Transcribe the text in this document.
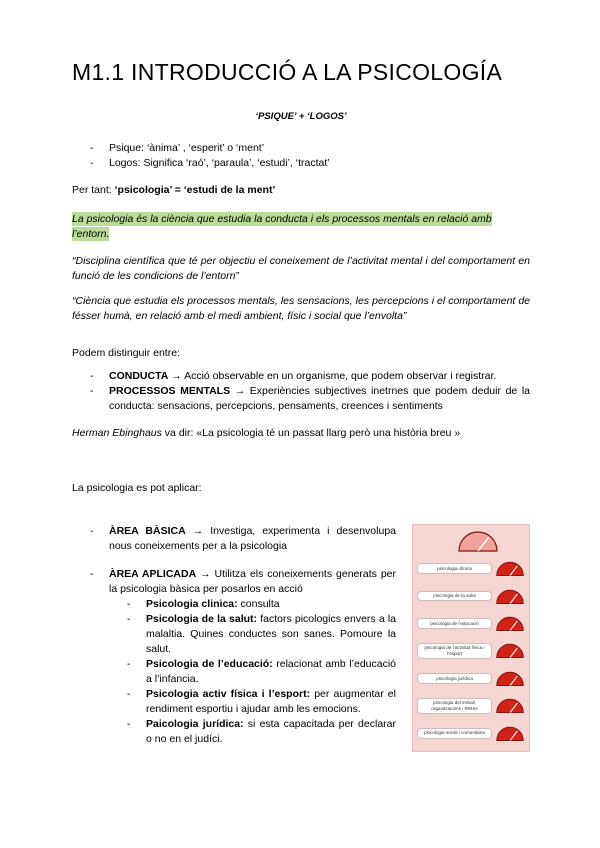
M1.1 INTRODUCCIÓ A LA PSICOLOGÍA

‘PSIQUE’ + ‘LOGOS’

- Psique: ‘ànima’ , ‘esperit’ o ‘ment’
- Logos: Significa ‘raó’, ‘paraula’, ‘estudi’, ‘tractat’

Per tant: ‘psicologia’ = ‘estudi de la ment’

La psicologia és la ciència que estudia la conducta i els processos mentals en relació amb l’entorn.

“Disciplina científica que té per objectiu el coneixement de l’activitat mental i del comportament en funció de les condicions de l’entorn”

“Ciència que estudia els processos mentals, les sensacions, les percepcions i el comportament de fésser humà, en relació amb el medi ambient, físic i social que l’envolta”

Podem distinguir entre:

- CONDUCTA → Acció observable en un organisme, que podem observar i registrar.
- PROCESSOS MENTALS → Experiències subjectives inetrnes que podem deduir de la conducta: sensacions, percepcions, pensaments, creences i sentiments

Herman Ebinghaus va dir: «La psicologia té un passat llarg però una història breu »

La psicologia es pot aplicar:

- ÀREA BÀSICA → Investiga, experimenta i desenvolupa nous coneixements per a la psicologia
- ÀREA APLICADA → Utilitza els coneixements generats per la psicologia bàsica per posarlos en acció
- Psicologia clinica: consulta
- Psicologia de la salut: factors picologics envers a la malaltia. Quines conductes son sanes. Pomoure la salut.
- Psicologia de l’educació: relacionat amb l’educació a l’infancia.
- Psicologia activ física i l’esport: per augmentar el rendiment esportiu i ajudar amb les emocions.
- Paicologia jurídica: si esta capacitada per declarar o no en el judíci.
psicologia clínica
psicologia de la salut
psicologia de l’educació
psicologia de l’activitat física i l’esport
psicologia jurídica
psicologia del treball, organitzacions i RRHH
psicologia social i comunitària
